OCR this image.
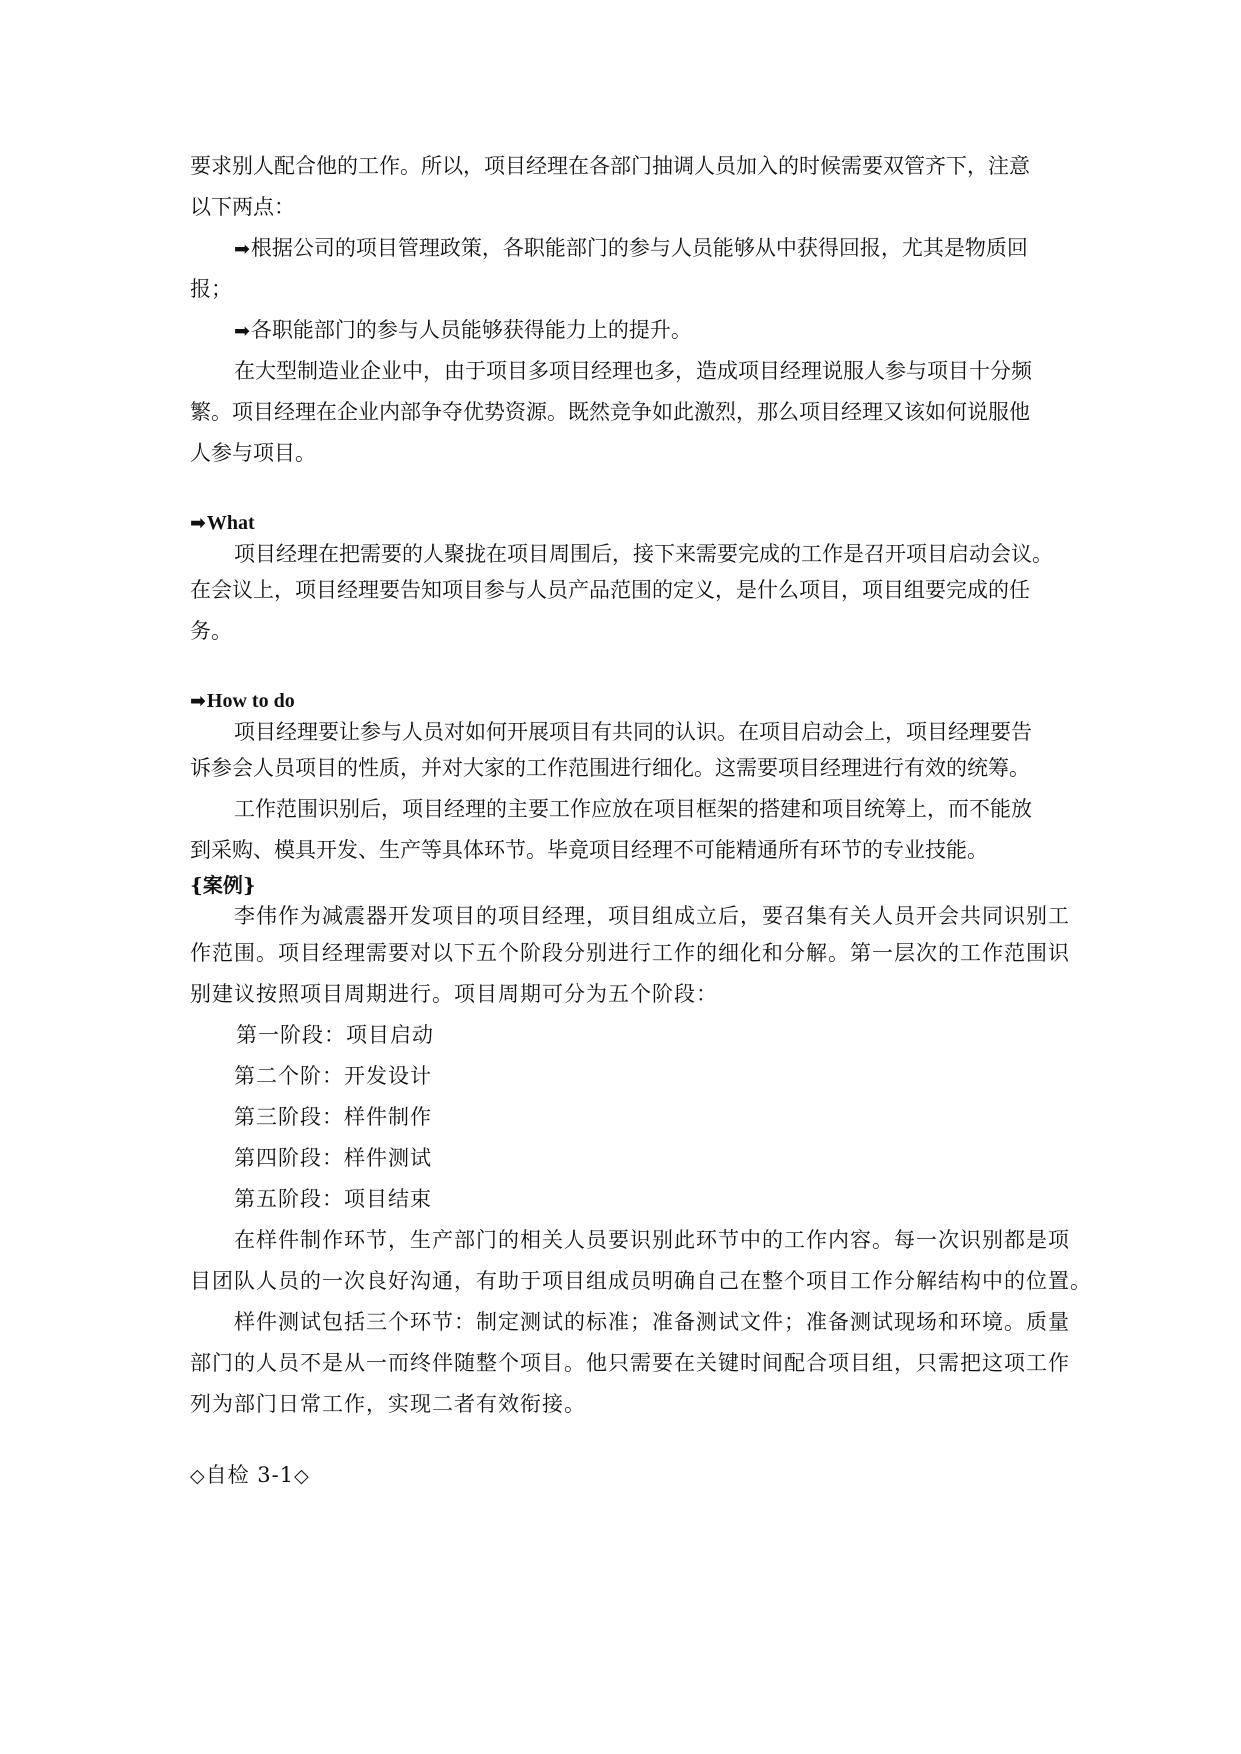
要求别人配合他的工作。所以，项目经理在各部门抽调人员加入的时候需要双管齐下，注意
以下两点：
➡根据公司的项目管理政策，各职能部门的参与人员能够从中获得回报，尤其是物质回
报；
➡各职能部门的参与人员能够获得能力上的提升。
在大型制造业企业中，由于项目多项目经理也多，造成项目经理说服人参与项目十分频
繁。项目经理在企业内部争夺优势资源。既然竞争如此激烈，那么项目经理又该如何说服他
人参与项目。
➡What
项目经理在把需要的人聚拢在项目周围后，接下来需要完成的工作是召开项目启动会议。
在会议上，项目经理要告知项目参与人员产品范围的定义，是什么项目，项目组要完成的任
务。
➡How to do
项目经理要让参与人员对如何开展项目有共同的认识。在项目启动会上，项目经理要告
诉参会人员项目的性质，并对大家的工作范围进行细化。这需要项目经理进行有效的统筹。
工作范围识别后，项目经理的主要工作应放在项目框架的搭建和项目统筹上，而不能放
到采购、模具开发、生产等具体环节。毕竟项目经理不可能精通所有环节的专业技能。
{案例}
李伟作为减震器开发项目的项目经理，项目组成立后，要召集有关人员开会共同识别工
作范围。项目经理需要对以下五个阶段分别进行工作的细化和分解。第一层次的工作范围识
别建议按照项目周期进行。项目周期可分为五个阶段：
第一阶段：项目启动
第二个阶：开发设计
第三阶段：样件制作
第四阶段：样件测试
第五阶段：项目结束
在样件制作环节，生产部门的相关人员要识别此环节中的工作内容。每一次识别都是项
目团队人员的一次良好沟通，有助于项目组成员明确自己在整个项目工作分解结构中的位置。
样件测试包括三个环节：制定测试的标准；准备测试文件；准备测试现场和环境。质量
部门的人员不是从一而终伴随整个项目。他只需要在关键时间配合项目组，只需把这项工作
列为部门日常工作，实现二者有效衔接。
◇自检 3-1◇
